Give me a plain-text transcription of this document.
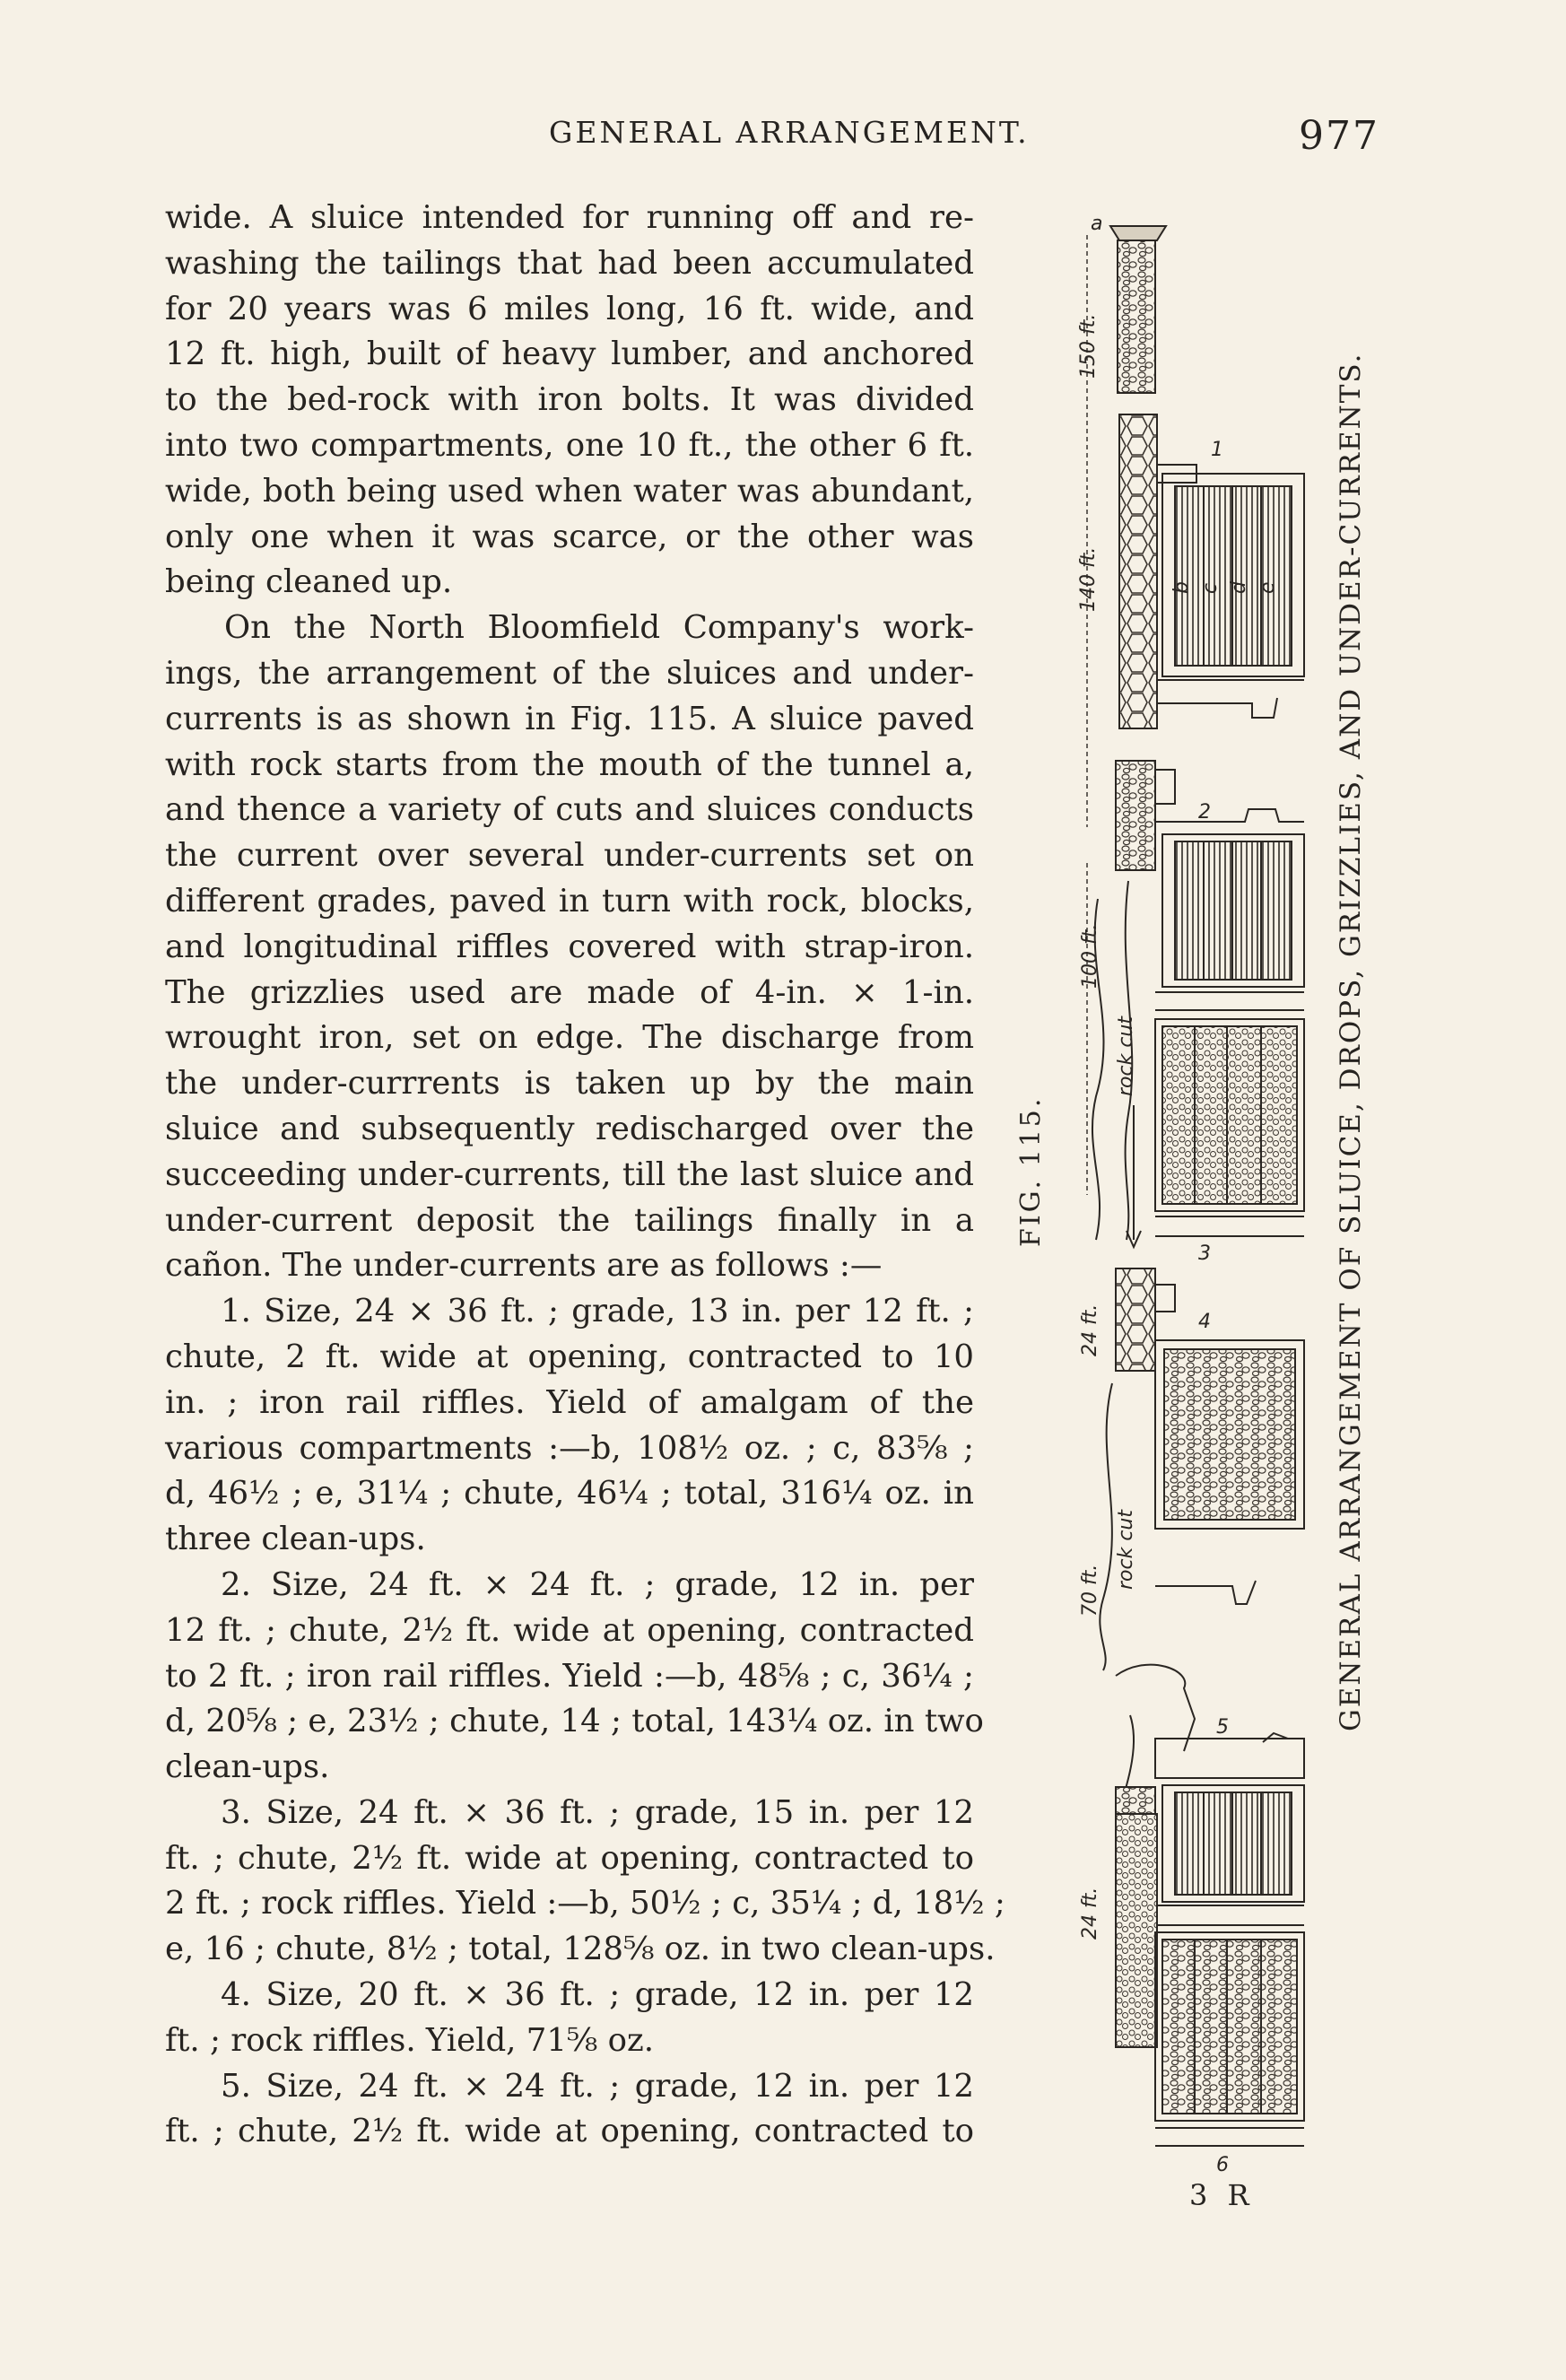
GENERAL ARRANGEMENT.	977
wide. A sluice intended for running off and re-
washing the tailings that had been accumulated
for 20 years was 6 miles long, 16 ft. wide, and
12 ft. high, built of heavy lumber, and anchored
to the bed-rock with iron bolts. It was divided
into two compartments, one 10 ft., the other 6 ft.
wide, both being used when water was abundant,
only one when it was scarce, or the other was
being cleaned up.
On the North Bloomfield Company's work-
ings, the arrangement of the sluices and under-
currents is as shown in Fig. 115. A sluice paved
with rock starts from the mouth of the tunnel a,
and thence a variety of cuts and sluices conducts
the current over several under-currents set on
different grades, paved in turn with rock, blocks,
and longitudinal riffles covered with strap-iron.
The grizzlies used are made of 4-in. × 1-in.
wrought iron, set on edge. The discharge from
the under-currrents is taken up by the main
sluice and subsequently redischarged over the
succeeding under-currents, till the last sluice and
under-current deposit the tailings finally in a
cañon. The under-currents are as follows :—
1. Size, 24 × 36 ft. ; grade, 13 in. per 12 ft. ;
chute, 2 ft. wide at opening, contracted to 10
in. ; iron rail riffles. Yield of amalgam of the
various compartments :—b, 108½ oz. ; c, 83⅝ ;
d, 46½ ; e, 31¼ ; chute, 46¼ ; total, 316¼ oz. in
three clean-ups.
2. Size, 24 ft. × 24 ft. ; grade, 12 in. per
12 ft. ; chute, 2½ ft. wide at opening, contracted
to 2 ft. ; iron rail riffles. Yield :—b, 48⅝ ; c, 36¼ ;
d, 20⅝ ; e, 23½ ; chute, 14 ; total, 143¼ oz. in two
clean-ups.
3. Size, 24 ft. × 36 ft. ; grade, 15 in. per 12
ft. ; chute, 2½ ft. wide at opening, contracted to
2 ft. ; rock riffles. Yield :—b, 50½ ; c, 35¼ ; d, 18½ ;
e, 16 ; chute, 8½ ; total, 128⅝ oz. in two clean-ups.
4. Size, 20 ft. × 36 ft. ; grade, 12 in. per 12
ft. ; rock riffles. Yield, 71⅝ oz.
5. Size, 24 ft. × 24 ft. ; grade, 12 in. per 12
ft. ; chute, 2½ ft. wide at opening, contracted to
150 ft.
140 ft.
100 ft.
24 ft.
70 ft.
24 ft.
rock cut
rock cut
a
b c d e
1
2
3
4
5
6
FIG. 115.	GENERAL ARRANGEMENT OF SLUICE, DROPS, GRIZZLIES, AND UNDER-CURRENTS.
3 R
